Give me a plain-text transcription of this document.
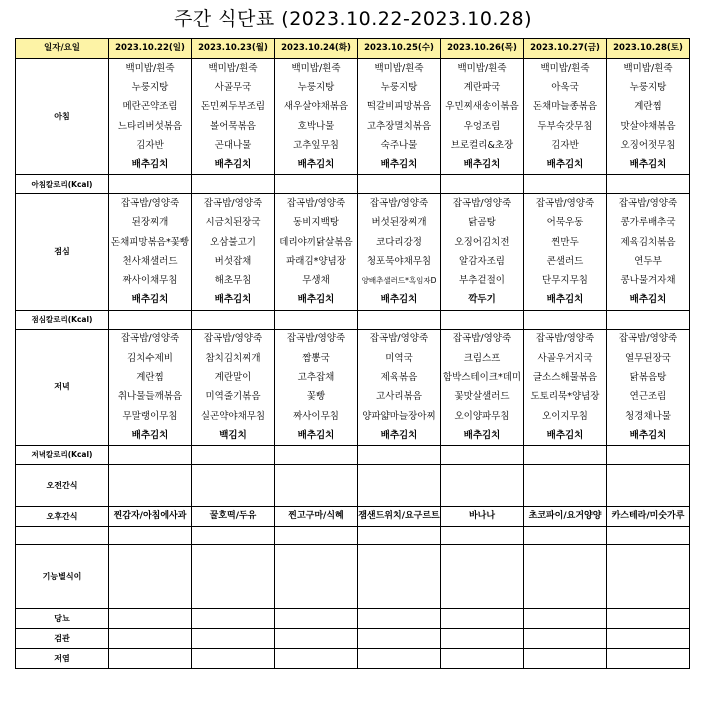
주간 식단표 (2023.10.22-2023.10.28)
일자/요일	2023.10.22(일)	2023.10.23(월)	2023.10.24(화)	2023.10.25(수)	2023.10.26(목)	2023.10.27(금)	2023.10.28(토)
아침	백미밥/흰죽	백미밥/흰죽	백미밥/흰죽	백미밥/흰죽	백미밥/흰죽	백미밥/흰죽	백미밥/흰죽
	누룽지탕	사골무국	누룽지탕	누룽지탕	계란파국	아욱국	누룽지탕
	메란곤약조림	돈민찌두부조림	새우살야채볶음	떡갈비피망볶음	우민찌새송이볶음	돈채마늘종볶음	계란찜
	느타리버섯볶음	볼어묵볶음	호박나물	고추장멸치볶음	우엉조림	두부숙갓무침	맛살야채볶음
	김자반	곤대나물	고추잎무침	숙주나물	브로컬리&초장	김자반	오징어젓무침
	배추김치	배추김치	배추김치	배추김치	배추김치	배추김치	배추김치
아침칼로리(Kcal)							
점심	잡곡밥/영양죽	잡곡밥/영양죽	잡곡밥/영양죽	잡곡밥/영양죽	잡곡밥/영양죽	잡곡밥/영양죽	잡곡밥/영양죽
	된장찌개	시금치된장국	동비지백탕	버섯된장찌개	닭곰탕	어묵우동	콩가루배추국
	돈채피망볶음*꽃빵	오삼불고기	데리야끼닭살볶음	코다리강정	오징어김치전	찐만두	제육김치볶음
	천사채샐러드	버섯잡채	파래김*양념장	청포묵야채무침	알감자조림	콘샐러드	연두부
	짜사이채무침	해초무침	무생채	양배추샐러드*흑임자D	부추겉절이	단무지무침	콩나물겨자채
	배추김치	배추김치	배추김치	배추김치	깍두기	배추김치	배추김치
점심칼로리(Kcal)							
저녁	잡곡밥/영양죽	잡곡밥/영양죽	잡곡밥/영양죽	잡곡밥/영양죽	잡곡밥/영양죽	잡곡밥/영양죽	잡곡밥/영양죽
	김치수제비	참치김치찌개	짬뽕국	미역국	크림스프	사골우거지국	열무된장국
	계란찜	계란말이	고추잡채	제육볶음	함박스테이크*데미	글소스해물볶음	닭볶음탕
	취나물들깨볶음	미역줄기볶음	꽃빵	고사리볶음	꽃맛살샐러드	도토리묵*양념장	연근조림
	무말랭이무침	실곤약야채무침	짜사이무침	양파얇마늘장아찌	오이양파무침	오이지무침	청경채나물
	배추김치	백김치	배추김치	배추김치	배추김치	배추김치	배추김치
저녁칼로리(Kcal)							
오전간식							
오후간식	찐감자/아침에사과	꿀호떡/두유	찐고구마/식혜	잼샌드위치/요구르트	바나나	초코파이/요거양양	카스테라/미숫가루

기능별식이							
당뇨							
검관							
저염							
